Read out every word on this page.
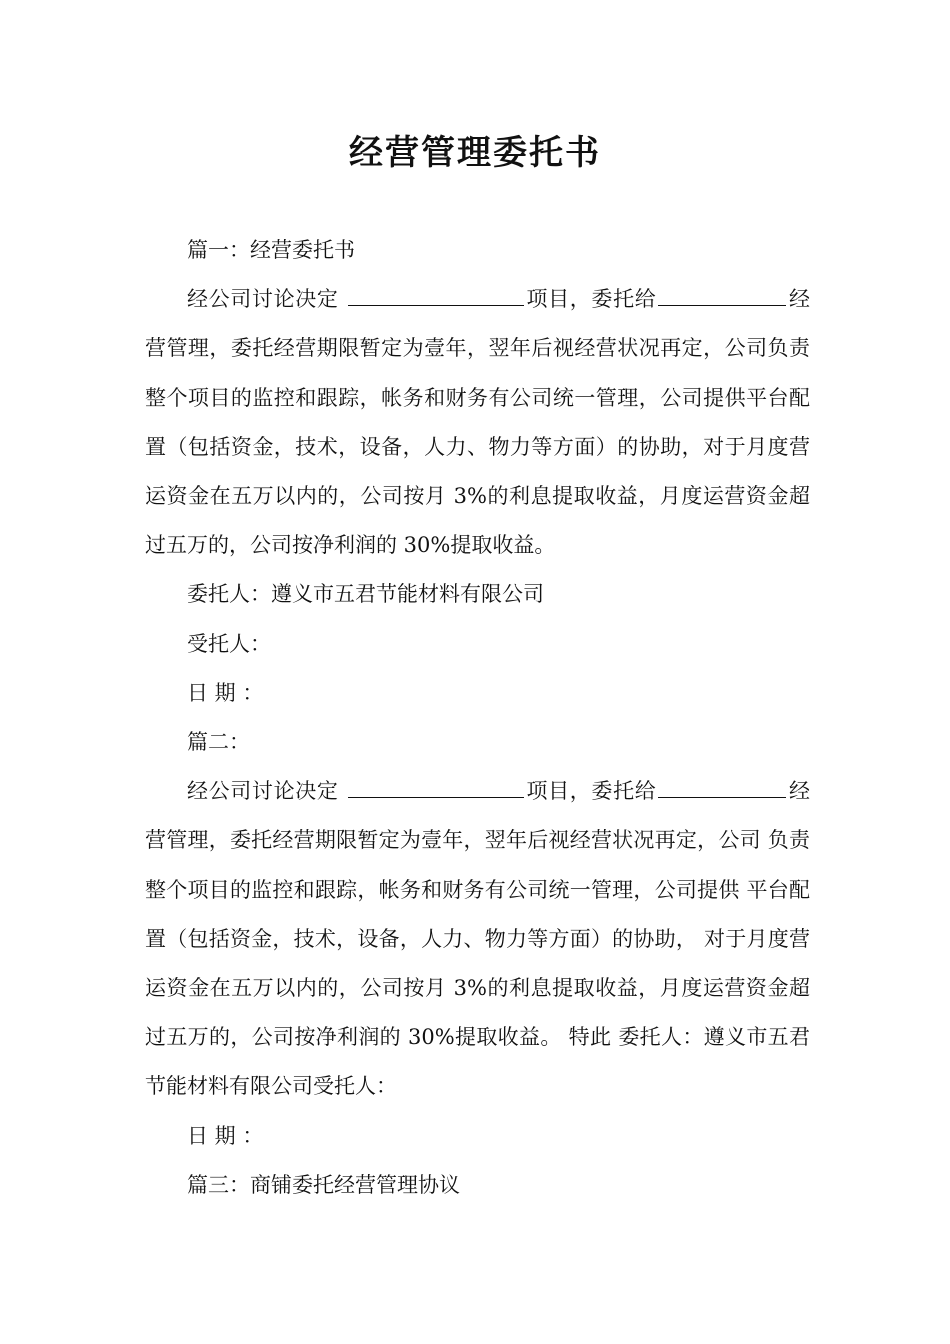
经营管理委托书

篇一：经营委托书

经公司讨论决定	项目，委托给	经营管理，委托经营期限暂定为壹年，翌年后视经营状况再定，公司负责整个项目的监控和跟踪，帐务和财务有公司统一管理，公司提供平台配置（包括资金，技术，设备，人力、物力等方面）的协助，对于月度营运资金在五万以内的，公司按月 3%的利息提取收益，月度运营资金超过五万的，公司按净利润的 30%提取收益。

委托人：遵义市五君节能材料有限公司

受托人：

日 期 ：

篇二：

经公司讨论决定	项目，委托给	经营管理，委托经营期限暂定为壹年，翌年后视经营状况再定，公司 负责整个项目的监控和跟踪，帐务和财务有公司统一管理，公司提供 平台配置（包括资金，技术，设备，人力、物力等方面）的协助， 对于月度营运资金在五万以内的，公司按月 3%的利息提取收益，月度运营资金超过五万的，公司按净利润的 30%提取收益。 特此 委托人：遵义市五君节能材料有限公司受托人：

日 期 ：

篇三：商铺委托经营管理协议
